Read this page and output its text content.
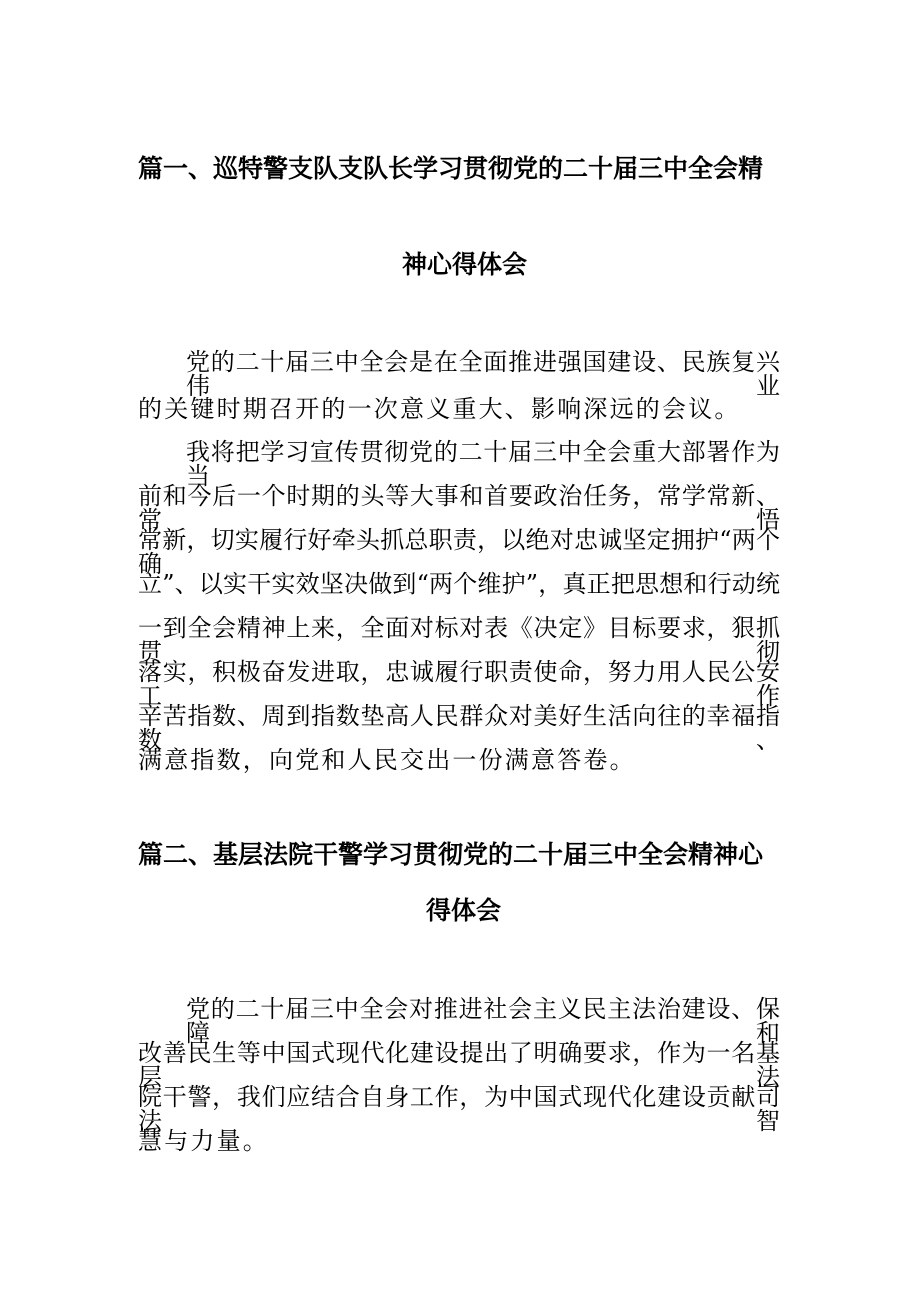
篇一、巡特警支队支队长学习贯彻党的二十届三中全会精
神心得体会
党的二十届三中全会是在全面推进强国建设、民族复兴伟业
的关键时期召开的一次意义重大、影响深远的会议。
我将把学习宣传贯彻党的二十届三中全会重大部署作为当
前和今后一个时期的头等大事和首要政治任务，常学常新、常悟
常新，切实履行好牵头抓总职责，以绝对忠诚坚定拥护“两个确
立”、以实干实效坚决做到“两个维护”，真正把思想和行动统
一到全会精神上来，全面对标对表《决定》目标要求，狠抓贯彻
落实，积极奋发进取，忠诚履行职责使命，努力用人民公安工作
辛苦指数、周到指数垫高人民群众对美好生活向往的幸福指数、
满意指数，向党和人民交出一份满意答卷。
篇二、基层法院干警学习贯彻党的二十届三中全会精神心
得体会
党的二十届三中全会对推进社会主义民主法治建设、保障和
改善民生等中国式现代化建设提出了明确要求，作为一名基层法
院干警，我们应结合自身工作，为中国式现代化建设贡献司法智
慧与力量。
